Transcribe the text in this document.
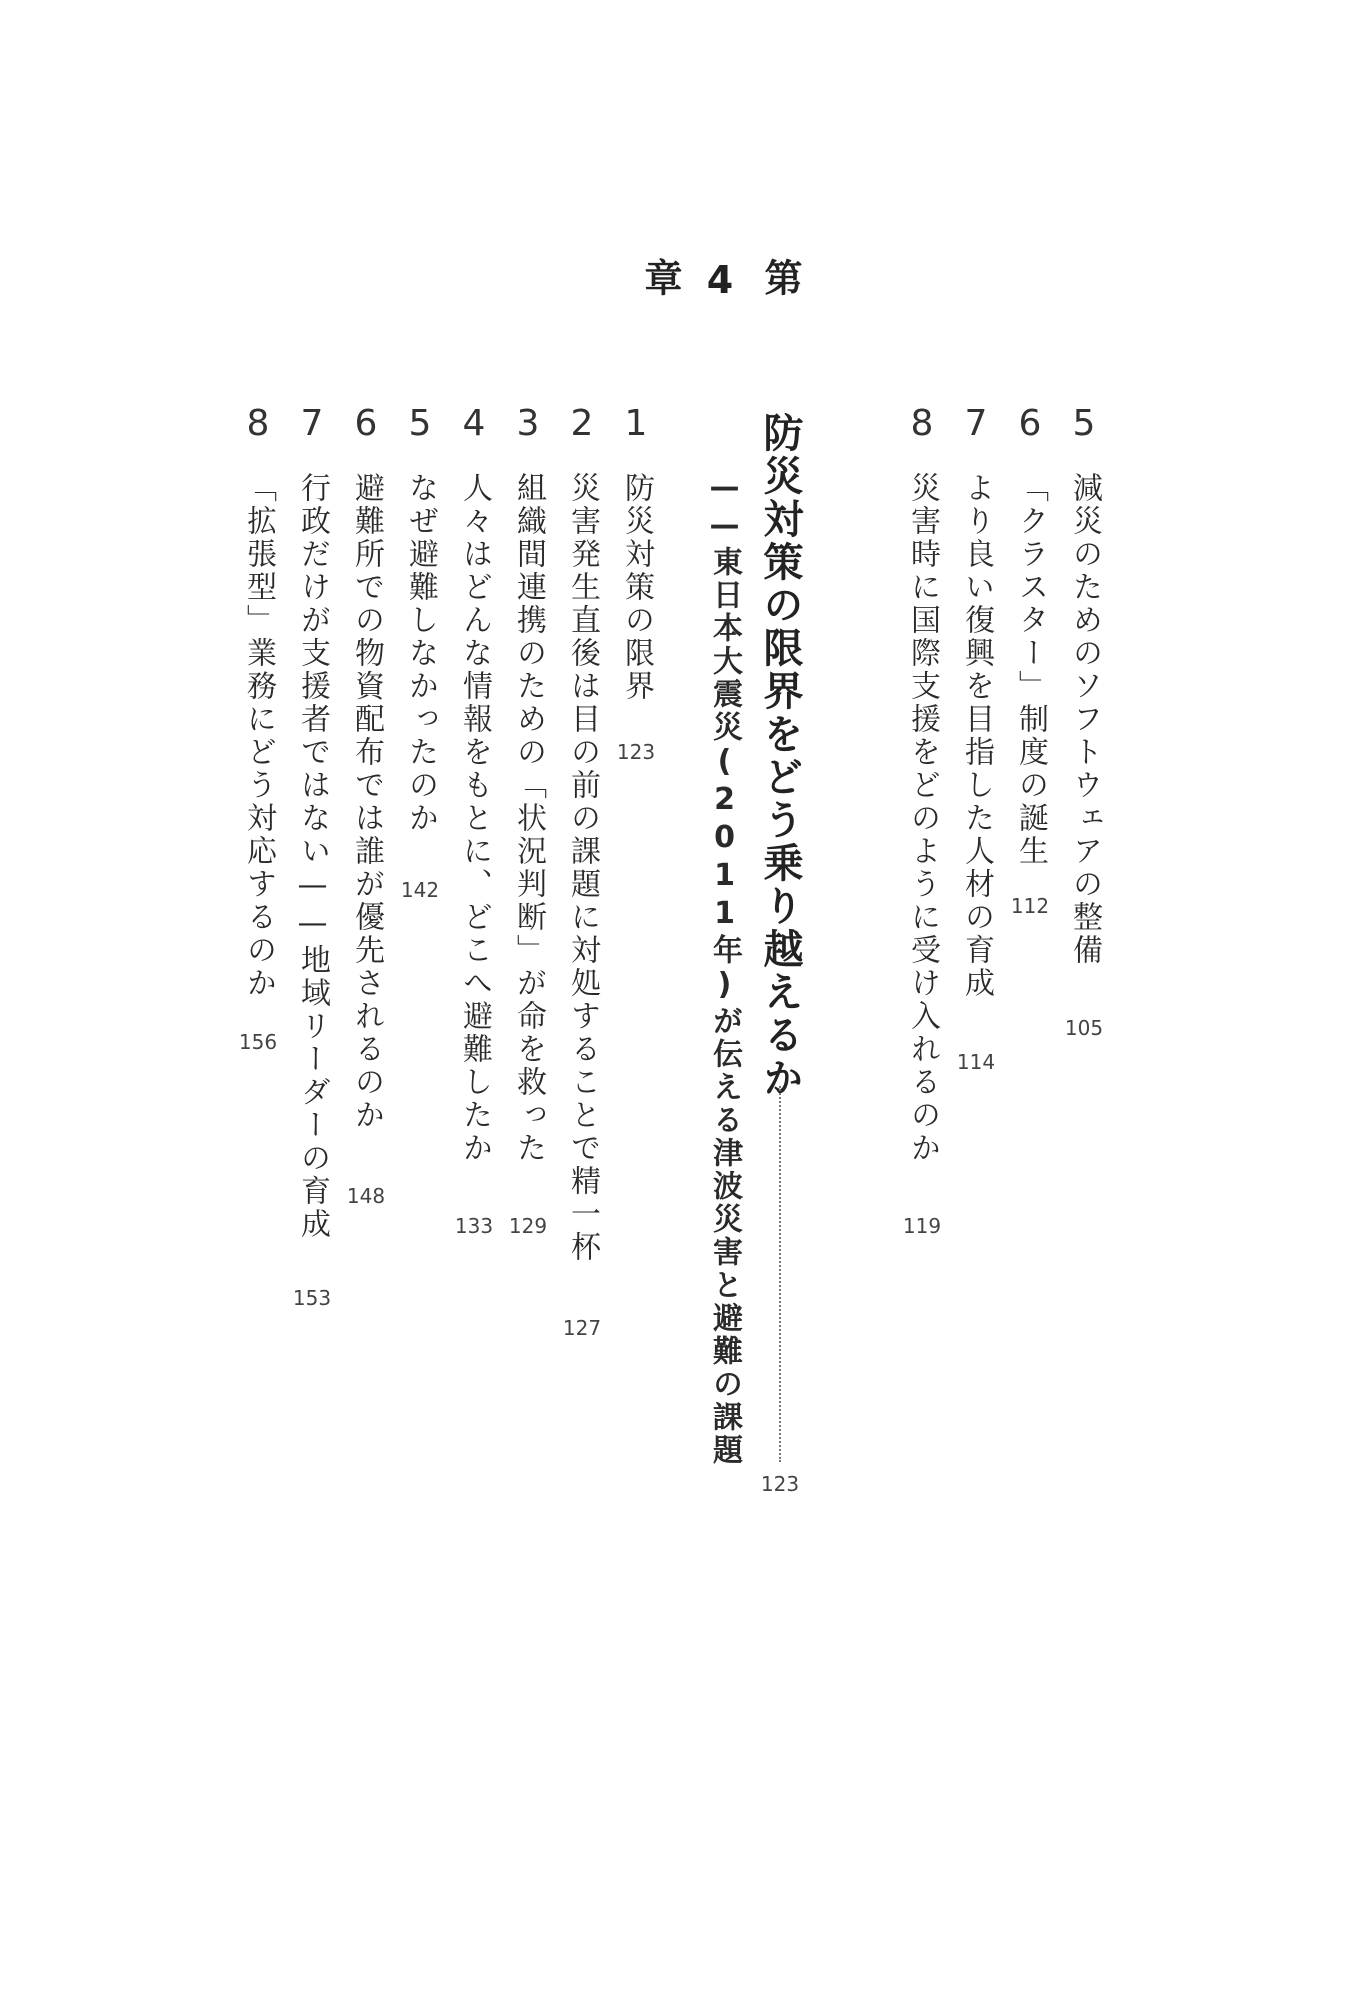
5
減災のためのソフトウェアの整備
105
6
「クラスター」制度の誕生
112
7
より良い復興を目指した人材の育成
114
8
災害時に国際支援をどのように受け入れるのか
119
第4章
防災対策の限界をどう乗り越えるか
123
——東日本大震災(2011年)が伝える津波災害と避難の課題
1
防災対策の限界
123
2
災害発生直後は目の前の課題に対処することで精一杯
127
3
組織間連携のための「状況判断」が命を救った
129
4
人々はどんな情報をもとに、どこへ避難したか
133
5
なぜ避難しなかったのか
142
6
避難所での物資配布では誰が優先されるのか
148
7
行政だけが支援者ではない——地域リーダーの育成
153
8
「拡張型」業務にどう対応するのか
156
